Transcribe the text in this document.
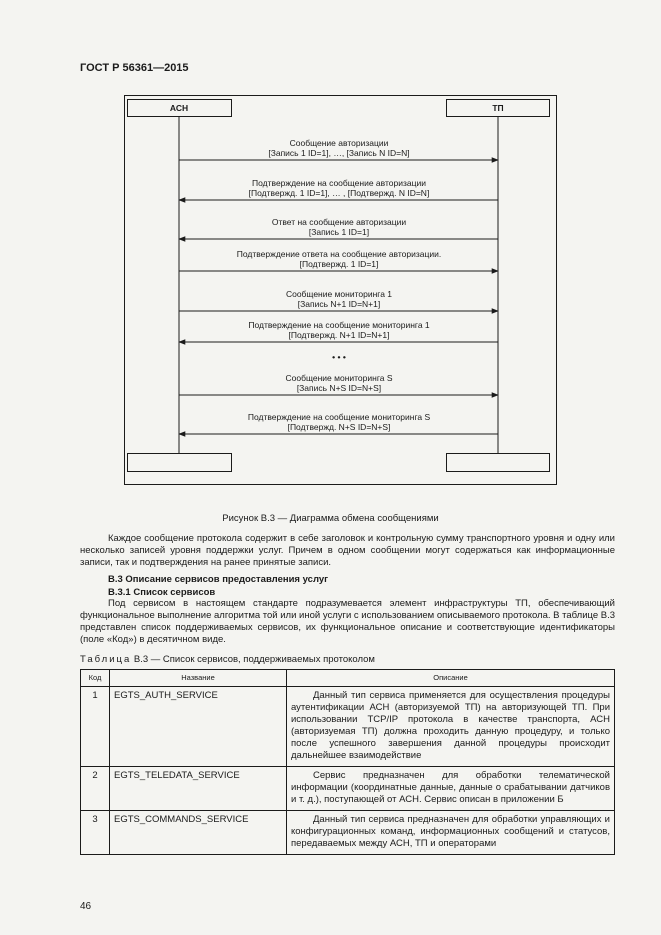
ГОСТ Р 56361—2015
АСН	ТП
Сообщение авторизации
[Запись 1 ID=1], …, [Запись N ID=N]
Подтверждение на сообщение авторизации
[Подтвержд. 1 ID=1], … , [Подтвержд. N ID=N]
Ответ на сообщение авторизации
[Запись 1 ID=1]
Подтверждение ответа на сообщение авторизации.
[Подтвержд. 1 ID=1]
Сообщение мониторинга 1
[Запись N+1 ID=N+1]
Подтверждение на сообщение мониторинга 1
[Подтвержд. N+1 ID=N+1]
Сообщение мониторинга S
[Запись N+S ID=N+S]
Подтверждение на сообщение мониторинга S
[Подтвержд. N+S ID=N+S]
• • •
Рисунок В.3 — Диаграмма обмена сообщениями
Каждое сообщение протокола содержит в себе заголовок и контрольную сумму транспортного уровня и одну или несколько записей уровня поддержки услуг. Причем в одном сообщении могут содержаться как информационные записи, так и подтверждения на ранее принятые записи.
В.3 Описание сервисов предоставления услуг
В.3.1 Список сервисов
Под сервисом в настоящем стандарте подразумевается элемент инфраструктуры ТП, обеспечивающий функциональное выполнение алгоритма той или иной услуги с использованием описываемого протокола. В таблице В.3 представлен список поддерживаемых сервисов, их функциональное описание и соответствующие идентификаторы (поле «Код») в десятичном виде.
Таблица В.3 — Список сервисов, поддерживаемых протоколом
Код	Название	Описание
1	EGTS_AUTH_SERVICE	Данный тип сервиса применяется для осуществления процедуры аутентификации АСН (авторизуемой ТП) на авторизующей ТП. При использовании TCP/IP протокола в качестве транспорта, АСН (авторизуемая ТП) должна проходить данную процедуру, и только после успешного завершения данной процедуры происходит дальнейшее взаимодействие
2	EGTS_TELEDATA_SERVICE	Сервис предназначен для обработки телематической информации (координатные данные, данные о срабатывании датчиков и т. д.), поступающей от АСН. Сервис описан в приложении Б
3	EGTS_COMMANDS_SERVICE	Данный тип сервиса предназначен для обработки управляющих и конфигурационных команд, информационных сообщений и статусов, передаваемых между АСН, ТП и операторами
46
